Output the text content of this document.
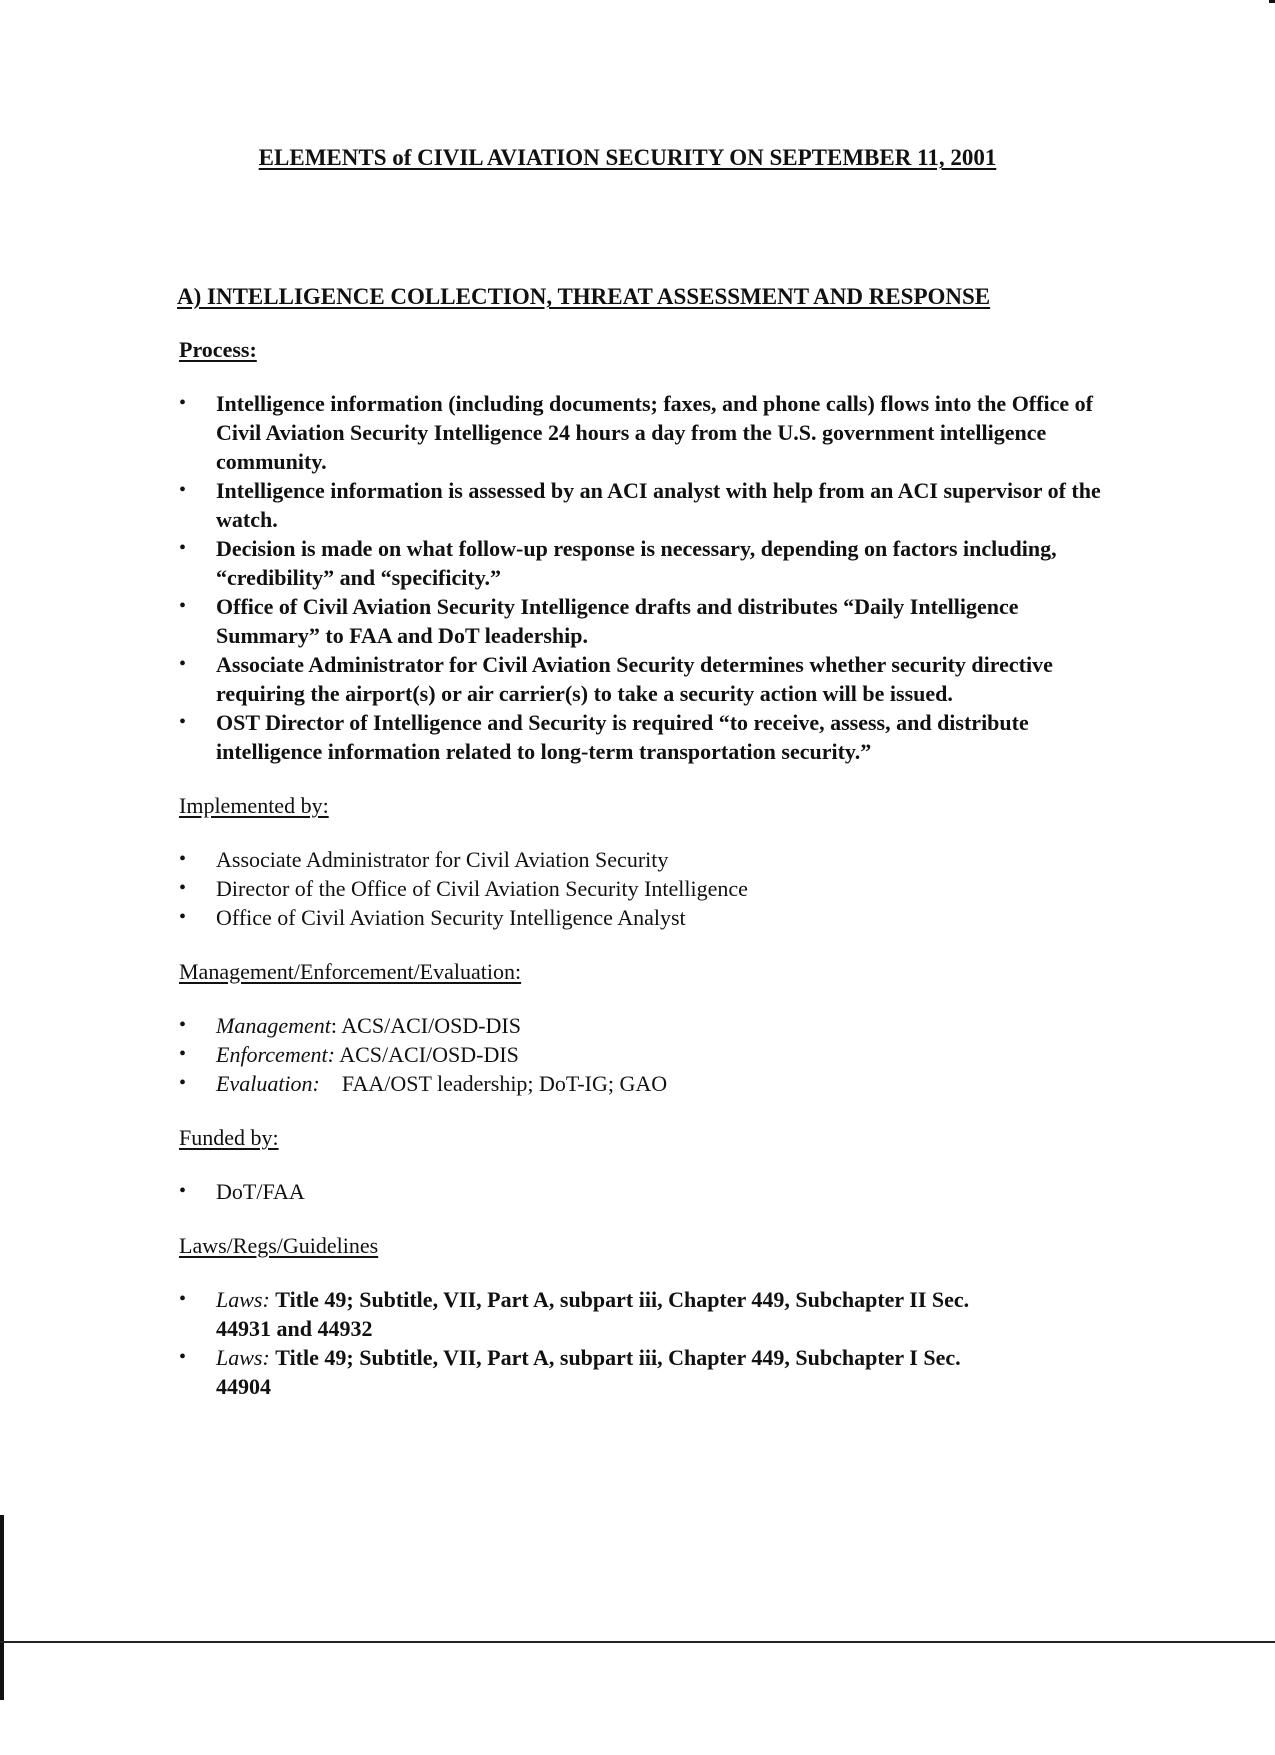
ELEMENTS of CIVIL AVIATION SECURITY ON SEPTEMBER 11, 2001
A) INTELLIGENCE COLLECTION, THREAT ASSESSMENT AND RESPONSE
Process:
• Intelligence information (including documents; faxes, and phone calls) flows into the Office of Civil Aviation Security Intelligence 24 hours a day from the U.S. government intelligence community.
• Intelligence information is assessed by an ACI analyst with help from an ACI supervisor of the watch.
• Decision is made on what follow-up response is necessary, depending on factors including, “credibility” and “specificity.”
• Office of Civil Aviation Security Intelligence drafts and distributes “Daily Intelligence Summary” to FAA and DoT leadership.
• Associate Administrator for Civil Aviation Security determines whether security directive requiring the airport(s) or air carrier(s) to take a security action will be issued.
• OST Director of Intelligence and Security is required “to receive, assess, and distribute intelligence information related to long-term transportation security.”
Implemented by:
• Associate Administrator for Civil Aviation Security
• Director of the Office of Civil Aviation Security Intelligence
• Office of Civil Aviation Security Intelligence Analyst
Management/Enforcement/Evaluation:
• Management: ACS/ACI/OSD-DIS
• Enforcement: ACS/ACI/OSD-DIS
• Evaluation: FAA/OST leadership; DoT-IG; GAO
Funded by:
• DoT/FAA
Laws/Regs/Guidelines
• Laws: Title 49; Subtitle, VII, Part A, subpart iii, Chapter 449, Subchapter II Sec.
44931 and 44932
• Laws: Title 49; Subtitle, VII, Part A, subpart iii, Chapter 449, Subchapter I Sec.
44904
